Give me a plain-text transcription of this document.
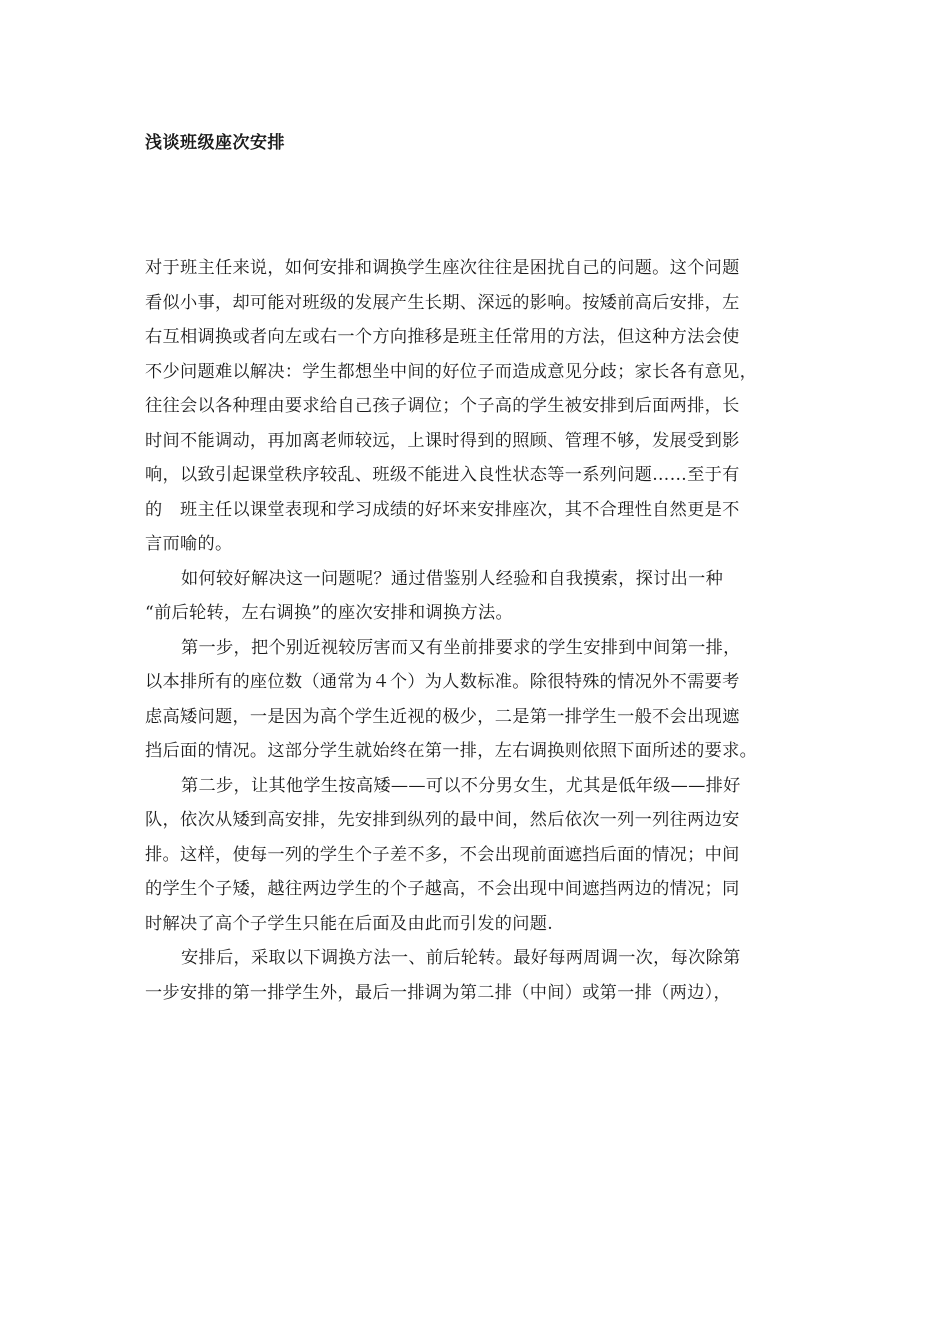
浅谈班级座次安排
对于班主任来说，如何安排和调换学生座次往往是困扰自己的问题。这个问题
看似小事，却可能对班级的发展产生长期、深远的影响。按矮前高后安排，左
右互相调换或者向左或右一个方向推移是班主任常用的方法，但这种方法会使
不少问题难以解决：学生都想坐中间的好位子而造成意见分歧；家长各有意见，
往往会以各种理由要求给自己孩子调位；个子高的学生被安排到后面两排，长
时间不能调动，再加离老师较远，上课时得到的照顾、管理不够，发展受到影
响，以致引起课堂秩序较乱、班级不能进入良性状态等一系列问题……至于有
的　班主任以课堂表现和学习成绩的好坏来安排座次，其不合理性自然更是不
言而喻的。
如何较好解决这一问题呢？通过借鉴别人经验和自我摸索，探讨出一种
“前后轮转，左右调换”的座次安排和调换方法。
第一步，把个别近视较厉害而又有坐前排要求的学生安排到中间第一排，
以本排所有的座位数（通常为４个）为人数标准。除很特殊的情况外不需要考
虑高矮问题，一是因为高个学生近视的极少，二是第一排学生一般不会出现遮
挡后面的情况。这部分学生就始终在第一排，左右调换则依照下面所述的要求。
第二步，让其他学生按高矮——可以不分男女生，尤其是低年级——排好
队，依次从矮到高安排，先安排到纵列的最中间，然后依次一列一列往两边安
排。这样，使每一列的学生个子差不多，不会出现前面遮挡后面的情况；中间
的学生个子矮，越往两边学生的个子越高，不会出现中间遮挡两边的情况；同
时解决了高个子学生只能在后面及由此而引发的问题.
安排后，采取以下调换方法一、前后轮转。最好每两周调一次，每次除第
一步安排的第一排学生外，最后一排调为第二排（中间）或第一排（两边），
